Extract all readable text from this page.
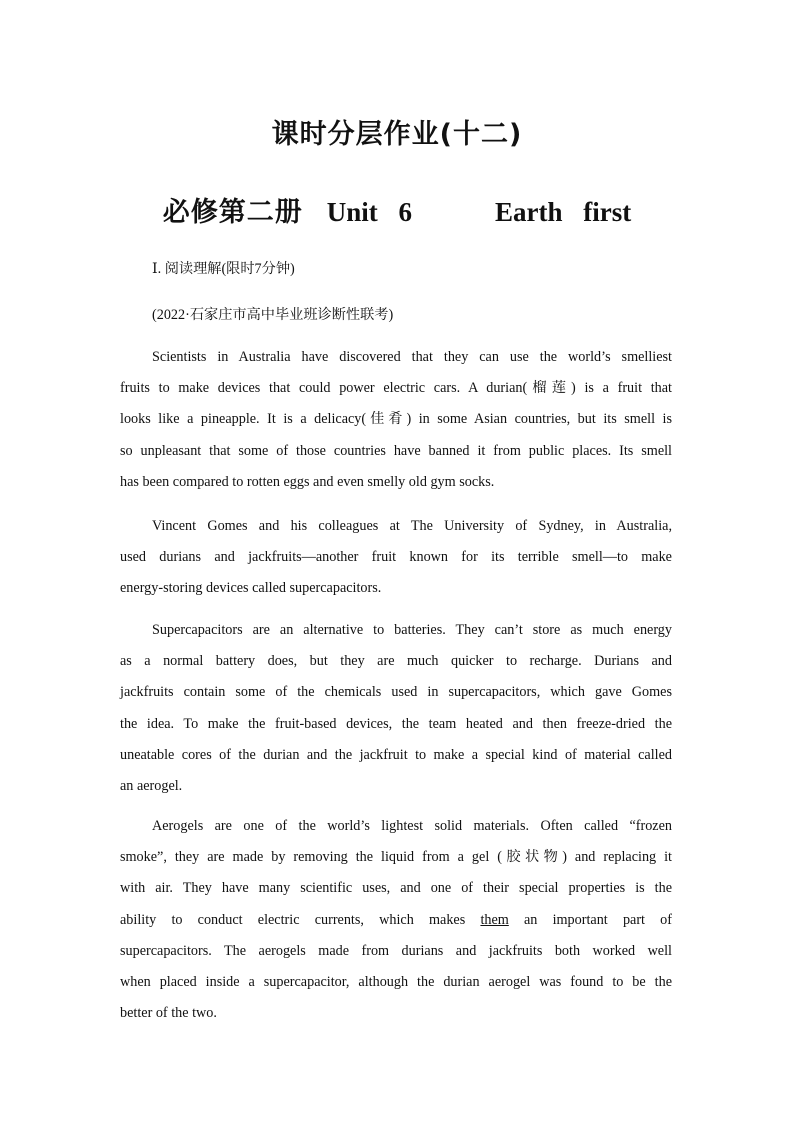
课时分层作业(十二)
必修第二册 Unit 6    Earth first
Ⅰ. 阅读理解(限时7分钟)
(2022·石家庄市高中毕业班诊断性联考)
Scientists in Australia have discovered that they can use the world’s smelliest
fruits to make devices that could power electric cars. A durian(榴莲) is a fruit that
looks like a pineapple. It is a delicacy(佳肴) in some Asian countries, but its smell is
so unpleasant that some of those countries have banned it from public places. Its smell
has been compared to rotten eggs and even smelly old gym socks.
Vincent Gomes and his colleagues at The University of Sydney, in Australia,
used durians and jackfruits—another fruit known for its terrible smell—to make
energy-storing devices called supercapacitors.
Supercapacitors are an alternative to batteries. They can’t store as much energy
as a normal battery does, but they are much quicker to recharge. Durians and
jackfruits contain some of the chemicals used in supercapacitors, which gave Gomes
the idea. To make the fruit-based devices, the team heated and then freeze-dried the
uneatable cores of the durian and the jackfruit to make a special kind of material called
an aerogel.
Aerogels are one of the world’s lightest solid materials. Often called “frozen
smoke”, they are made by removing the liquid from a gel (胶状物) and replacing it
with air. They have many scientific uses, and one of their special properties is the
ability to conduct electric currents, which makes them an important part of
supercapacitors. The aerogels made from durians and jackfruits both worked well
when placed inside a supercapacitor, although the durian aerogel was found to be the
better of the two.
